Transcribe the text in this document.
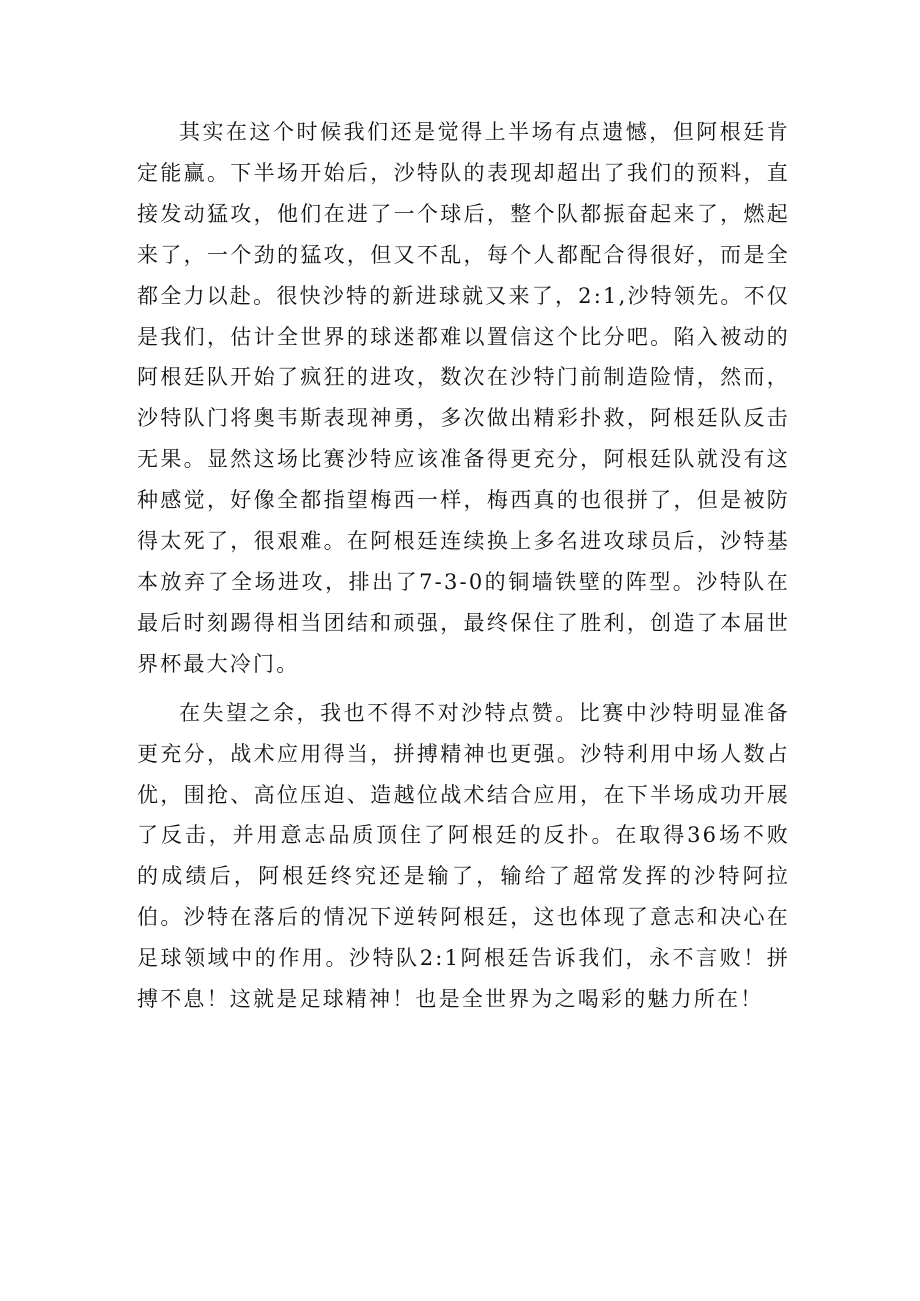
其实在这个时候我们还是觉得上半场有点遗憾，但阿根廷肯定能赢。下半场开始后，沙特队的表现却超出了我们的预料，直接发动猛攻，他们在进了一个球后，整个队都振奋起来了，燃起来了，一个劲的猛攻，但又不乱，每个人都配合得很好，而是全都全力以赴。很快沙特的新进球就又来了，2:1,沙特领先。不仅是我们，估计全世界的球迷都难以置信这个比分吧。陷入被动的阿根廷队开始了疯狂的进攻，数次在沙特门前制造险情，然而，沙特队门将奥韦斯表现神勇，多次做出精彩扑救，阿根廷队反击无果。显然这场比赛沙特应该准备得更充分，阿根廷队就没有这种感觉，好像全都指望梅西一样，梅西真的也很拼了，但是被防得太死了，很艰难。在阿根廷连续换上多名进攻球员后，沙特基本放弃了全场进攻，排出了7-3-0的铜墙铁壁的阵型。沙特队在最后时刻踢得相当团结和顽强，最终保住了胜利，创造了本届世界杯最大冷门。

在失望之余，我也不得不对沙特点赞。比赛中沙特明显准备更充分，战术应用得当，拼搏精神也更强。沙特利用中场人数占优，围抢、高位压迫、造越位战术结合应用，在下半场成功开展了反击，并用意志品质顶住了阿根廷的反扑。在取得36场不败的成绩后，阿根廷终究还是输了，输给了超常发挥的沙特阿拉伯。沙特在落后的情况下逆转阿根廷，这也体现了意志和决心在足球领域中的作用。沙特队2:1阿根廷告诉我们，永不言败！拼搏不息！这就是足球精神！也是全世界为之喝彩的魅力所在！
